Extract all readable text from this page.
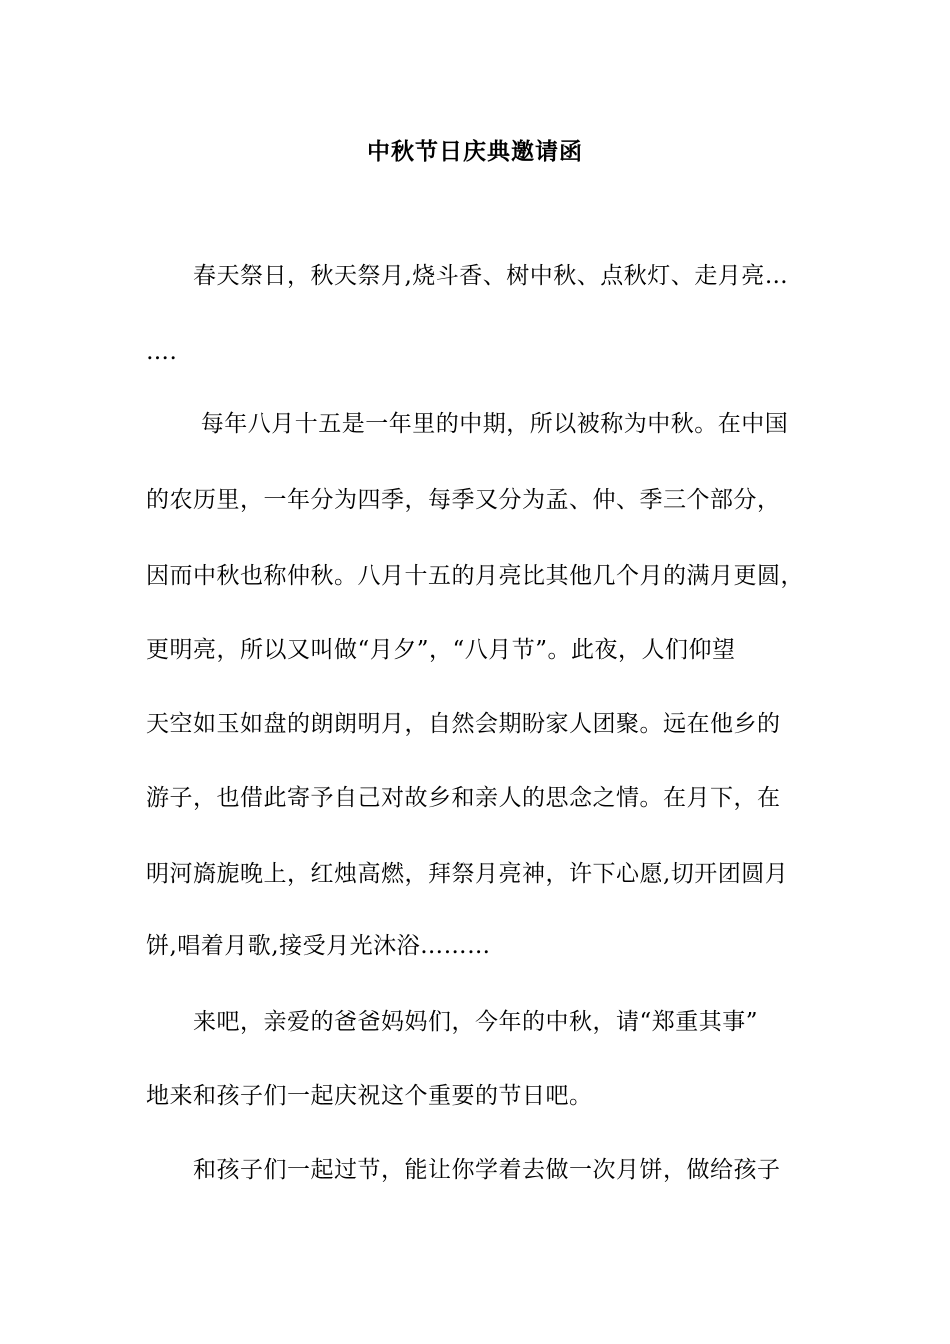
中秋节日庆典邀请函
　　春天祭日，秋天祭月,烧斗香、树中秋、点秋灯、走月亮…
….
　　 每年八月十五是一年里的中期，所以被称为中秋。在中国
的农历里，一年分为四季，每季又分为孟、仲、季三个部分，
因而中秋也称仲秋。八月十五的月亮比其他几个月的满月更圆，
更明亮，所以又叫做“月夕”，“八月节”。此夜，人们仰望
天空如玉如盘的朗朗明月，自然会期盼家人团聚。远在他乡的
游子，也借此寄予自己对故乡和亲人的思念之情。在月下，在
明河旖旎晚上，红烛高燃，拜祭月亮神，许下心愿,切开团圆月
饼,唱着月歌,接受月光沐浴………
　　来吧，亲爱的爸爸妈妈们，今年的中秋，请“郑重其事”
地来和孩子们一起庆祝这个重要的节日吧。
　　和孩子们一起过节，能让你学着去做一次月饼，做给孩子
